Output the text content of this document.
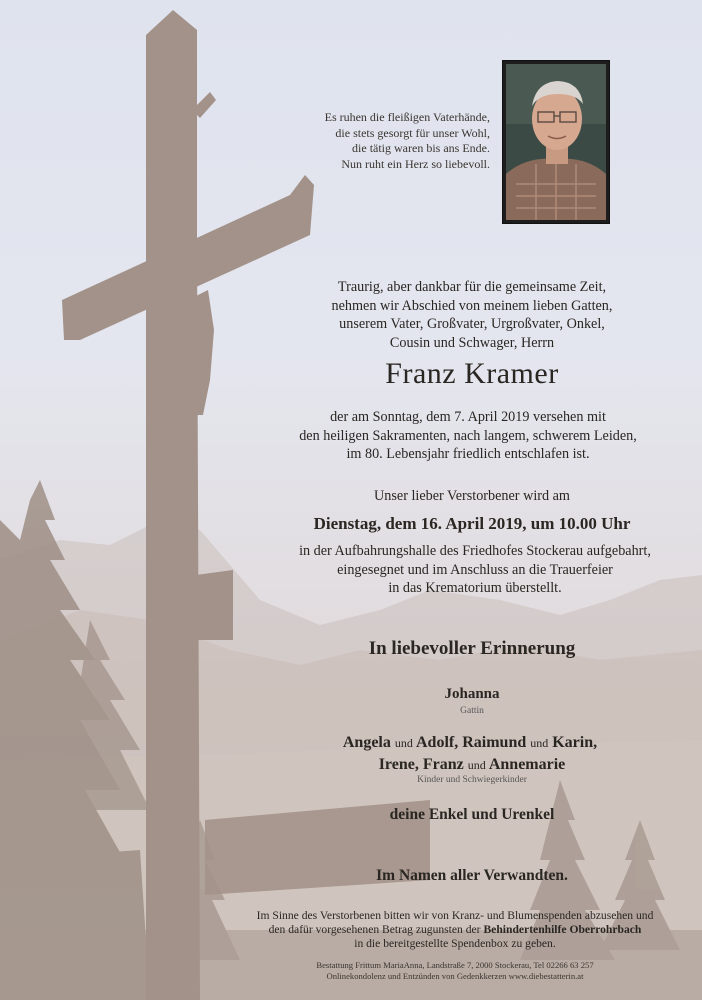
Es ruhen die fleißigen Vaterhände,
die stets gesorgt für unser Wohl,
die tätig waren bis ans Ende.
Nun ruht ein Herz so liebevoll.
Traurig, aber dankbar für die gemeinsame Zeit,
nehmen wir Abschied von meinem lieben Gatten,
unserem Vater, Großvater, Urgroßvater, Onkel,
Cousin und Schwager, Herrn
Franz Kramer
der am Sonntag, dem 7. April 2019 versehen mit
den heiligen Sakramenten, nach langem, schwerem Leiden,
im 80. Lebensjahr friedlich entschlafen ist.
Unser lieber Verstorbener wird am
Dienstag, dem 16. April 2019, um 10.00 Uhr
in der Aufbahrungshalle des Friedhofes Stockerau aufgebahrt,
eingesegnet und im Anschluss an die Trauerfeier
in das Krematorium überstellt.
In liebevoller Erinnerung
Johanna
Gattin
Angela und Adolf, Raimund und Karin,
Irene, Franz und Annemarie
Kinder und Schwiegerkinder
deine Enkel und Urenkel
Im Namen aller Verwandten.
Im Sinne des Verstorbenen bitten wir von Kranz- und Blumenspenden abzusehen und
den dafür vorgesehenen Betrag zugunsten der Behindertenhilfe Oberrohrbach
in die bereitgestellte Spendenbox zu geben.
Bestattung Frittum MariaAnna, Landstraße 7, 2000 Stockerau, Tel 02266 63 257
Onlinekondolenz und Entzünden von Gedenkkerzen www.diebestatterin.at
